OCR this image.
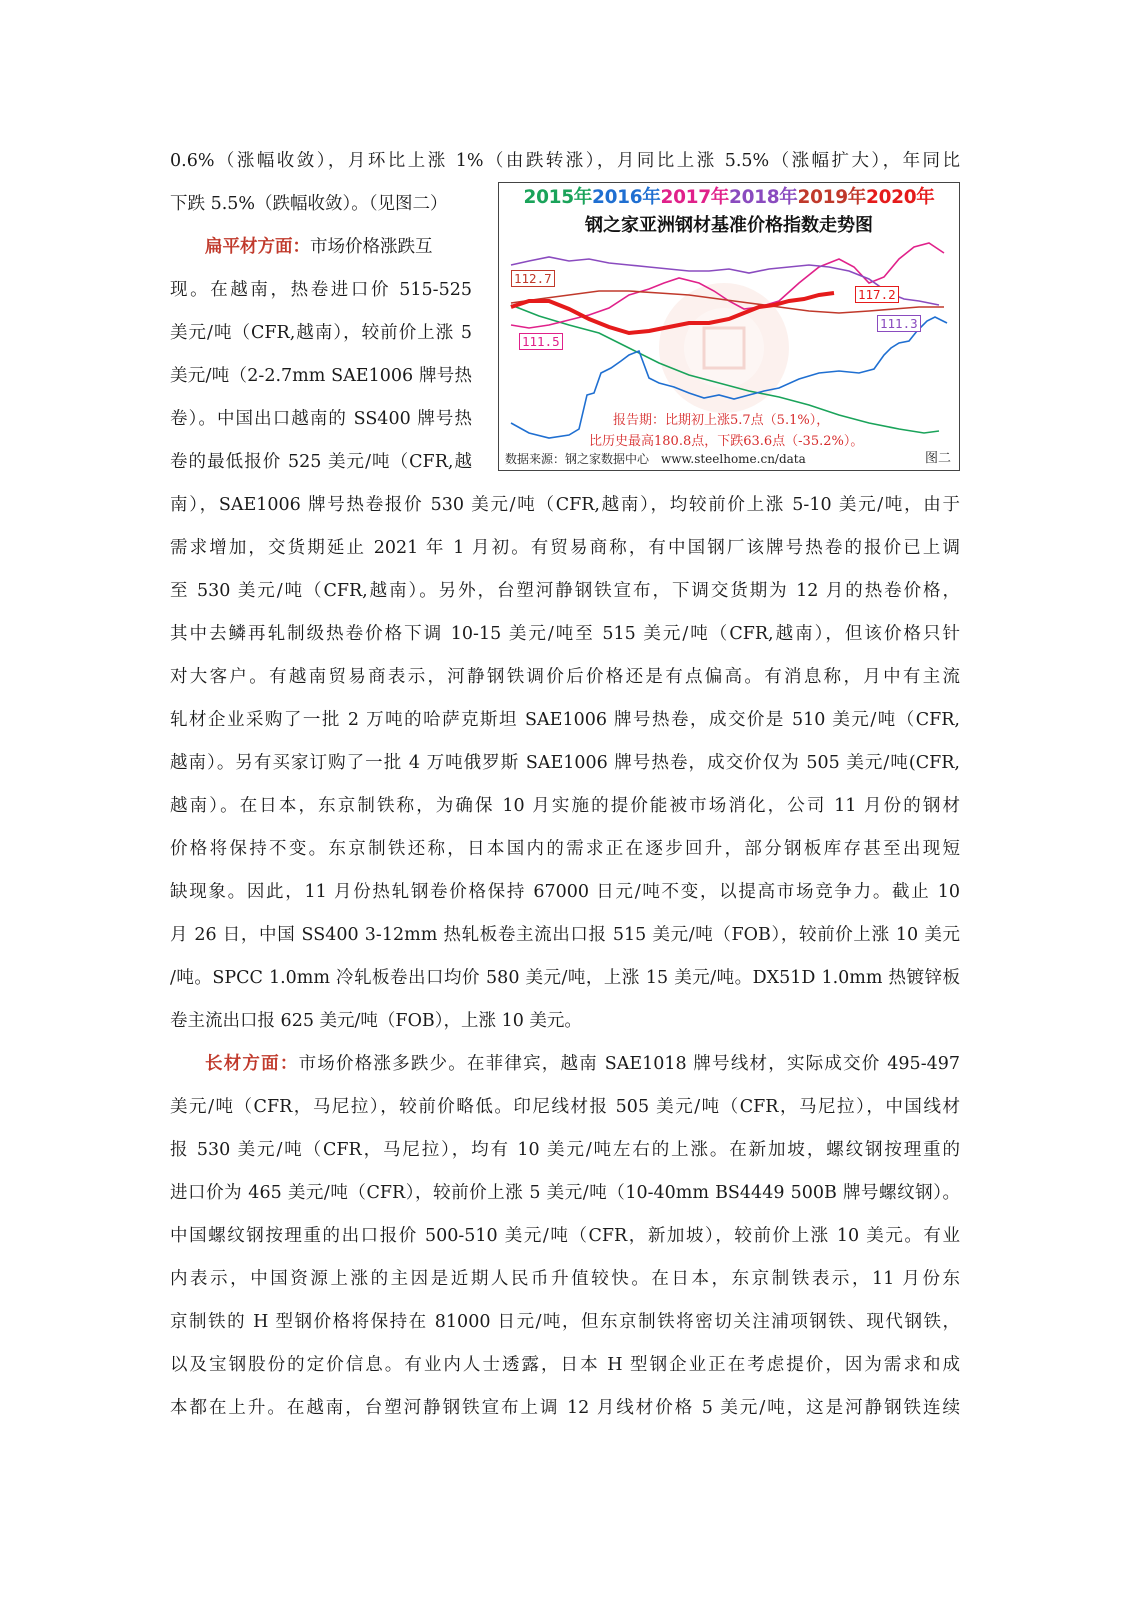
0.6%（涨幅收敛），月环比上涨 1%（由跌转涨），月同比上涨 5.5%（涨幅扩大），年同比
下跌 5.5%（跌幅收敛）。（见图二）
扁平材方面：市场价格涨跌互
现。在越南，热卷进口价 515-525
美元/吨（CFR,越南），较前价上涨 5
美元/吨（2-2.7mm SAE1006 牌号热
卷）。中国出口越南的 SS400 牌号热
卷的最低报价 525 美元/吨（CFR,越
南），SAE1006 牌号热卷报价 530 美元/吨（CFR,越南），均较前价上涨 5-10 美元/吨，由于
需求增加，交货期延止 2021 年 1 月初。有贸易商称，有中国钢厂该牌号热卷的报价已上调
至 530 美元/吨（CFR,越南）。另外，台塑河静钢铁宣布，下调交货期为 12 月的热卷价格，
其中去鳞再轧制级热卷价格下调 10-15 美元/吨至 515 美元/吨（CFR,越南），但该价格只针
对大客户。有越南贸易商表示，河静钢铁调价后价格还是有点偏高。有消息称，月中有主流
轧材企业采购了一批 2 万吨的哈萨克斯坦 SAE1006 牌号热卷，成交价是 510 美元/吨（CFR,
越南）。另有买家订购了一批 4 万吨俄罗斯 SAE1006 牌号热卷，成交价仅为 505 美元/吨(CFR,
越南）。在日本，东京制铁称，为确保 10 月实施的提价能被市场消化，公司 11 月份的钢材
价格将保持不变。东京制铁还称，日本国内的需求正在逐步回升，部分钢板库存甚至出现短
缺现象。因此，11 月份热轧钢卷价格保持 67000 日元/吨不变，以提高市场竞争力。截止 10
月 26 日，中国 SS400 3-12mm 热轧板卷主流出口报 515 美元/吨（FOB），较前价上涨 10 美元
/吨。SPCC 1.0mm 冷轧板卷出口均价 580 美元/吨，上涨 15 美元/吨。DX51D 1.0mm 热镀锌板
卷主流出口报 625 美元/吨（FOB），上涨 10 美元。
长材方面：市场价格涨多跌少。在菲律宾，越南 SAE1018 牌号线材，实际成交价 495-497
美元/吨（CFR，马尼拉），较前价略低。印尼线材报 505 美元/吨（CFR，马尼拉），中国线材
报 530 美元/吨（CFR，马尼拉），均有 10 美元/吨左右的上涨。在新加坡，螺纹钢按理重的
进口价为 465 美元/吨（CFR），较前价上涨 5 美元/吨（10-40mm BS4449 500B 牌号螺纹钢）。
中国螺纹钢按理重的出口报价 500-510 美元/吨（CFR，新加坡），较前价上涨 10 美元。有业
内表示，中国资源上涨的主因是近期人民币升值较快。在日本，东京制铁表示，11 月份东
京制铁的 H 型钢价格将保持在 81000 日元/吨，但东京制铁将密切关注浦项钢铁、现代钢铁，
以及宝钢股份的定价信息。有业内人士透露，日本 H 型钢企业正在考虑提价，因为需求和成
本都在上升。在越南，台塑河静钢铁宣布上调 12 月线材价格 5 美元/吨，这是河静钢铁连续
2015年2016年2017年2018年2019年2020年
钢之家亚洲钢材基准价格指数走势图
112.7
117.2
111.5
111.3
报告期：比期初上涨5.7点（5.1%），
比历史最高180.8点，下跌63.6点（-35.2%）。
数据来源：钢之家数据中心　www.steelhome.cn/data	图二
